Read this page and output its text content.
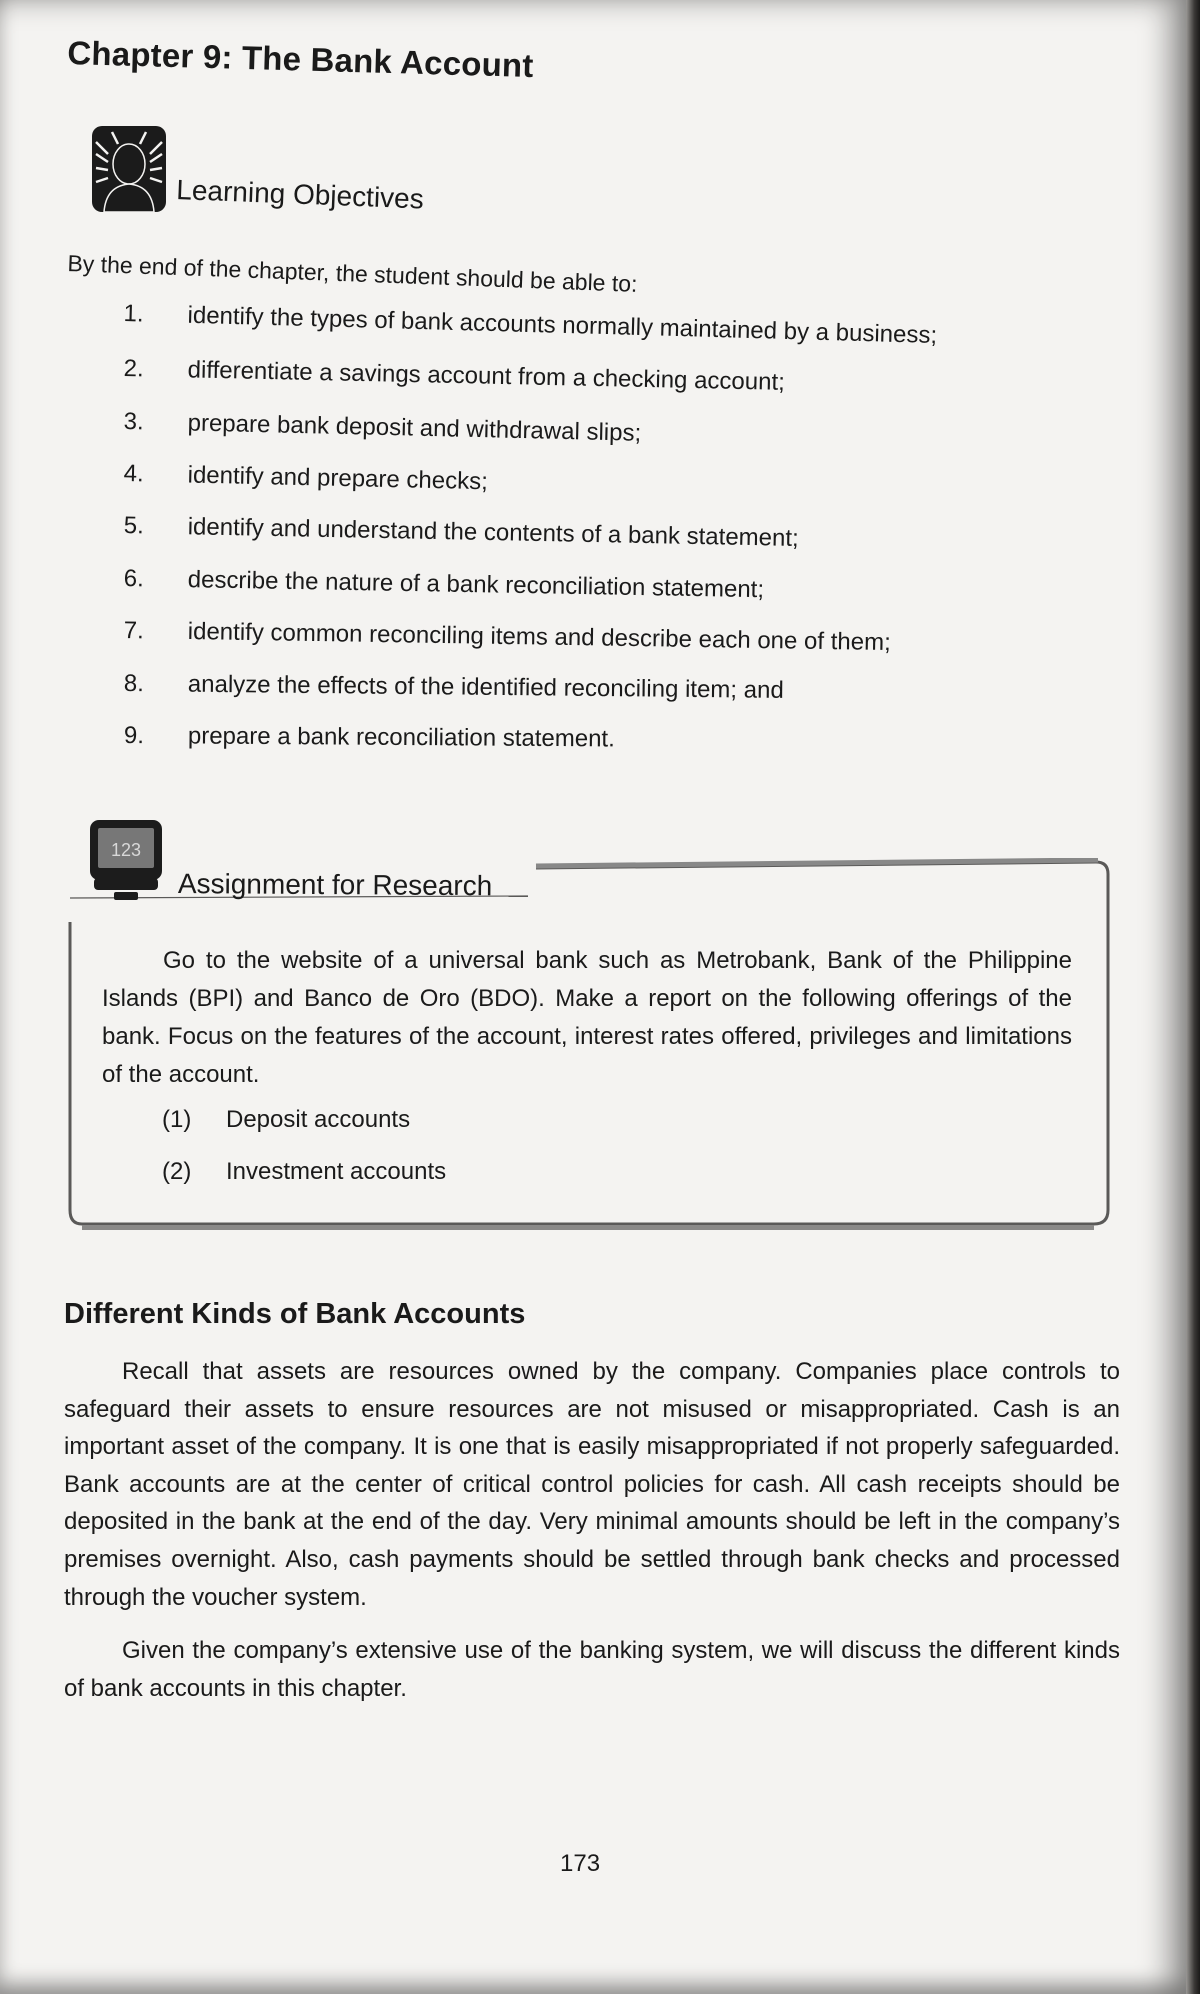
Chapter 9: The Bank Account
Learning Objectives

By the end of the chapter, the student should be able to:

1. identify the types of bank accounts normally maintained by a business;
2. differentiate a savings account from a checking account;
3. prepare bank deposit and withdrawal slips;
4. identify and prepare checks;
5. identify and understand the contents of a bank statement;
6. describe the nature of a bank reconciliation statement;
7. identify common reconciling items and describe each one of them;
8. analyze the effects of the identified reconciling item; and
9. prepare a bank reconciliation statement.
123
Assignment for Research

Go to the website of a universal bank such as Metrobank, Bank of the Philippine Islands (BPI) and Banco de Oro (BDO). Make a report on the following offerings of the bank. Focus on the features of the account, interest rates offered, privileges and limitations of the account.

(1) Deposit accounts
(2) Investment accounts
Different Kinds of Bank Accounts

Recall that assets are resources owned by the company. Companies place controls to safeguard their assets to ensure resources are not misused or misappropriated. Cash is an important asset of the company. It is one that is easily misappropriated if not properly safeguarded. Bank accounts are at the center of critical control policies for cash. All cash receipts should be deposited in the bank at the end of the day. Very minimal amounts should be left in the company’s premises overnight. Also, cash payments should be settled through bank checks and processed through the voucher system.

Given the company’s extensive use of the banking system, we will discuss the different kinds of bank accounts in this chapter.

173
